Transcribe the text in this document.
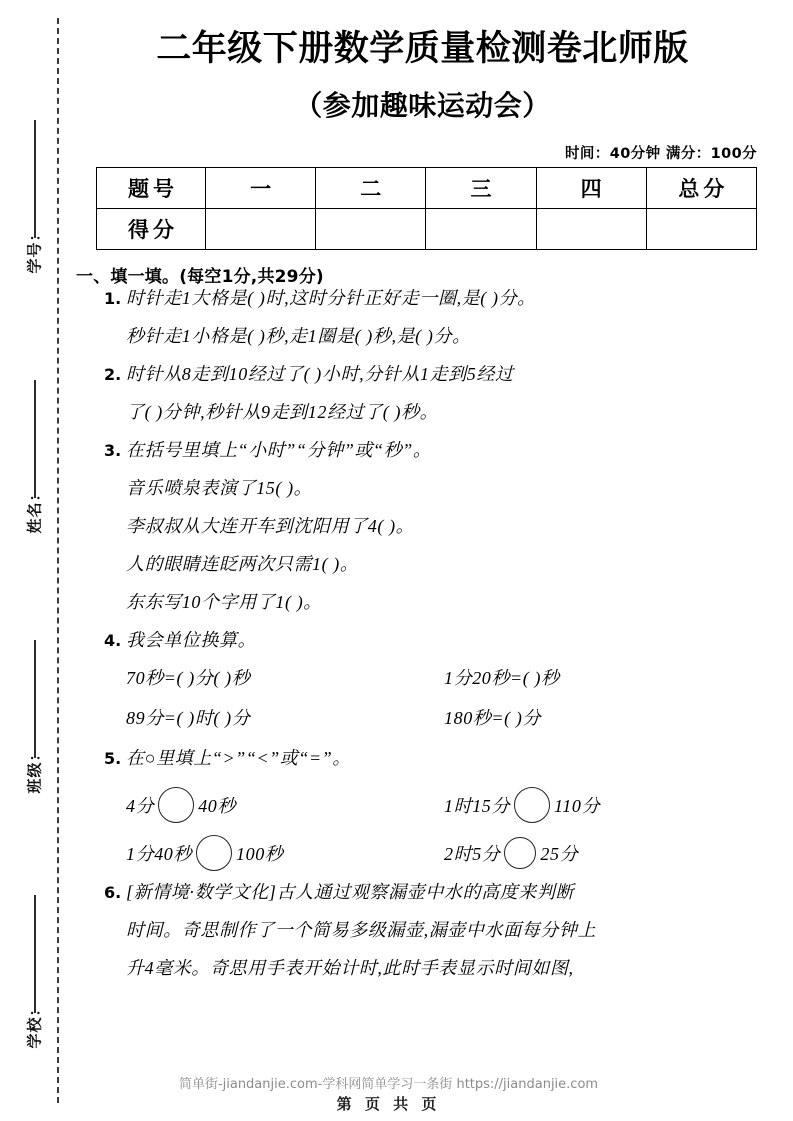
学号：
姓名：
班级：
学校：
二年级下册数学质量检测卷北师版
（参加趣味运动会）
时间：40分钟 满分：100分
题号	一	二	三	四	总分
得分					
一、填一填。(每空1分,共29分)
1. 时针走1大格是( )时,这时分针正好走一圈,是( )分。
秒针走1小格是( )秒,走1圈是( )秒,是( )分。
2. 时针从8走到10经过了( )小时,分针从1走到5经过
了( )分钟,秒针从9走到12经过了( )秒。
3. 在括号里填上“小时”“分钟”或“秒”。
音乐喷泉表演了15( )。
李叔叔从大连开车到沈阳用了4( )。
人的眼睛连眨两次只需1( )。
东东写10个字用了1( )。
4. 我会单位换算。
70秒=( )分( )秒	1分20秒=( )秒
89分=( )时( )分	180秒=( )分
5. 在○里填上“>”“<”或“=”。
4分 40秒	1时15分 110分
1分40秒 100秒	2时5分 25分
6. [新情境·数学文化]古人通过观察漏壶中水的高度来判断
时间。奇思制作了一个简易多级漏壶,漏壶中水面每分钟上
升4毫米。奇思用手表开始计时,此时手表显示时间如图,
简单街-jiandanjie.com-学科网简单学习一条街 https://jiandanjie.com
第 页 共 页
